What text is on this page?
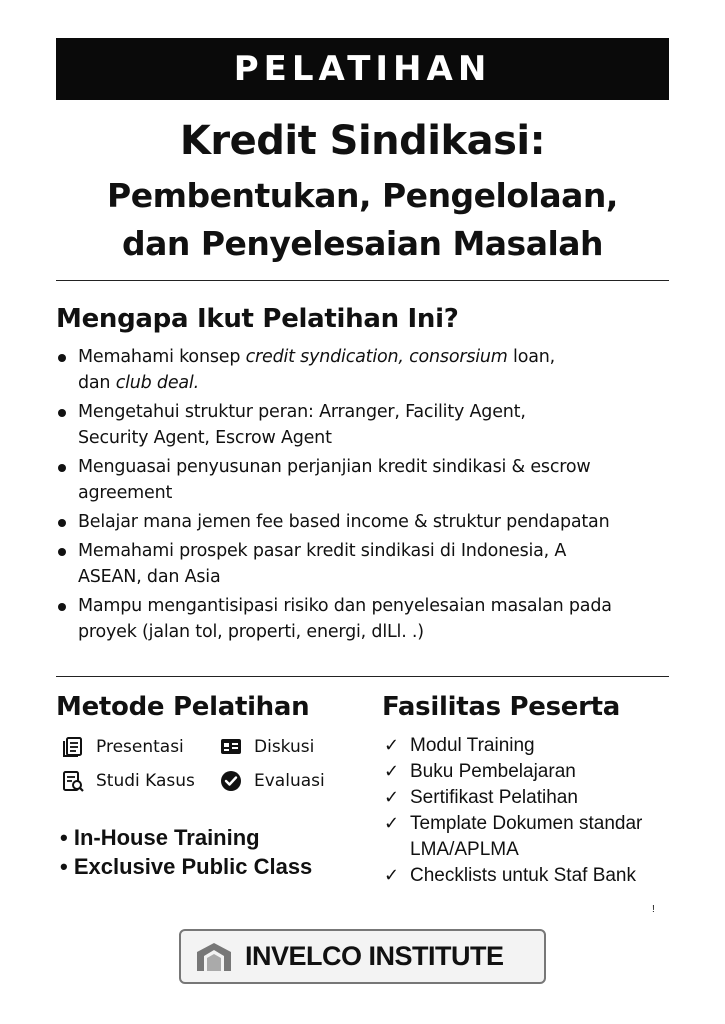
PELATIHAN
Kredit Sindikasi:
Pembentukan, Pengelolaan,
dan Penyelesaian Masalah
Mengapa Ikut Pelatihan Ini?
Memahami konsep credit syndication, consorsium loan,
dan club deal.
Mengetahui struktur peran: Arranger, Facility Agent,
Security Agent, Escrow Agent
Menguasai penyusunan perjanjian kredit sindikasi & escrow
agreement
Belajar mana jemen fee based income & struktur pendapatan
Memahami prospek pasar kredit sindikasi di Indonesia, A
ASEAN, dan Asia
Mampu mengantisipasi risiko dan penyelesaian masalan pada
proyek (jalan tol, properti, energi, dlLl. .)
Metode Pelatihan	Fasilitas Peserta
Presentasi	Diskusi
Studi Kasus	Evaluasi
• In-House Training
• Exclusive Public Class
✓ Modul Training
✓ Buku Pembelajaran
✓ Sertifikast Pelatihan
✓ Template Dokumen standar LMA/APLMA
✓ Checklists untuk Staf Bank
!
INVELCO INSTITUTE
